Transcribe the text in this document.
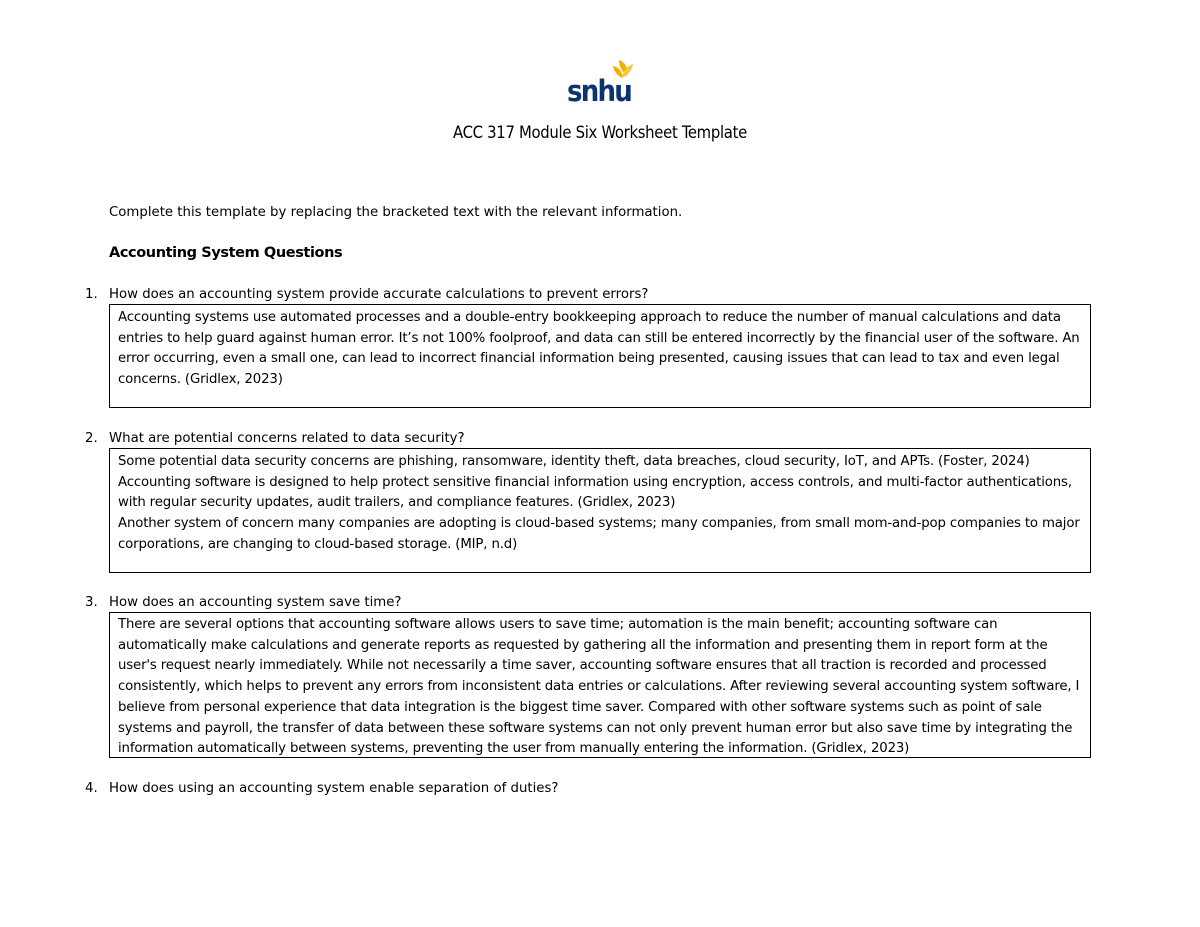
snhu
ACC 317 Module Six Worksheet Template
Complete this template by replacing the bracketed text with the relevant information.
Accounting System Questions
1. How does an accounting system provide accurate calculations to prevent errors?

Accounting systems use automated processes and a double-entry bookkeeping approach to reduce the number of manual calculations and data entries to help guard against human error. It’s not 100% foolproof, and data can still be entered incorrectly by the financial user of the software. An error occurring, even a small one, can lead to incorrect financial information being presented, causing issues that can lead to tax and even legal concerns. (Gridlex, 2023)

2. What are potential concerns related to data security?

Some potential data security concerns are phishing, ransomware, identity theft, data breaches, cloud security, IoT, and APTs. (Foster, 2024)

Accounting software is designed to help protect sensitive financial information using encryption, access controls, and multi-factor authentications, with regular security updates, audit trailers, and compliance features. (Gridlex, 2023)

Another system of concern many companies are adopting is cloud-based systems; many companies, from small mom-and-pop companies to major corporations, are changing to cloud-based storage. (MIP, n.d)

3. How does an accounting system save time?

There are several options that accounting software allows users to save time; automation is the main benefit; accounting software can automatically make calculations and generate reports as requested by gathering all the information and presenting them in report form at the user's request nearly immediately. While not necessarily a time saver, accounting software ensures that all traction is recorded and processed consistently, which helps to prevent any errors from inconsistent data entries or calculations. After reviewing several accounting system software, I believe from personal experience that data integration is the biggest time saver. Compared with other software systems such as point of sale systems and payroll, the transfer of data between these software systems can not only prevent human error but also save time by integrating the information automatically between systems, preventing the user from manually entering the information. (Gridlex, 2023)

4. How does using an accounting system enable separation of duties?
